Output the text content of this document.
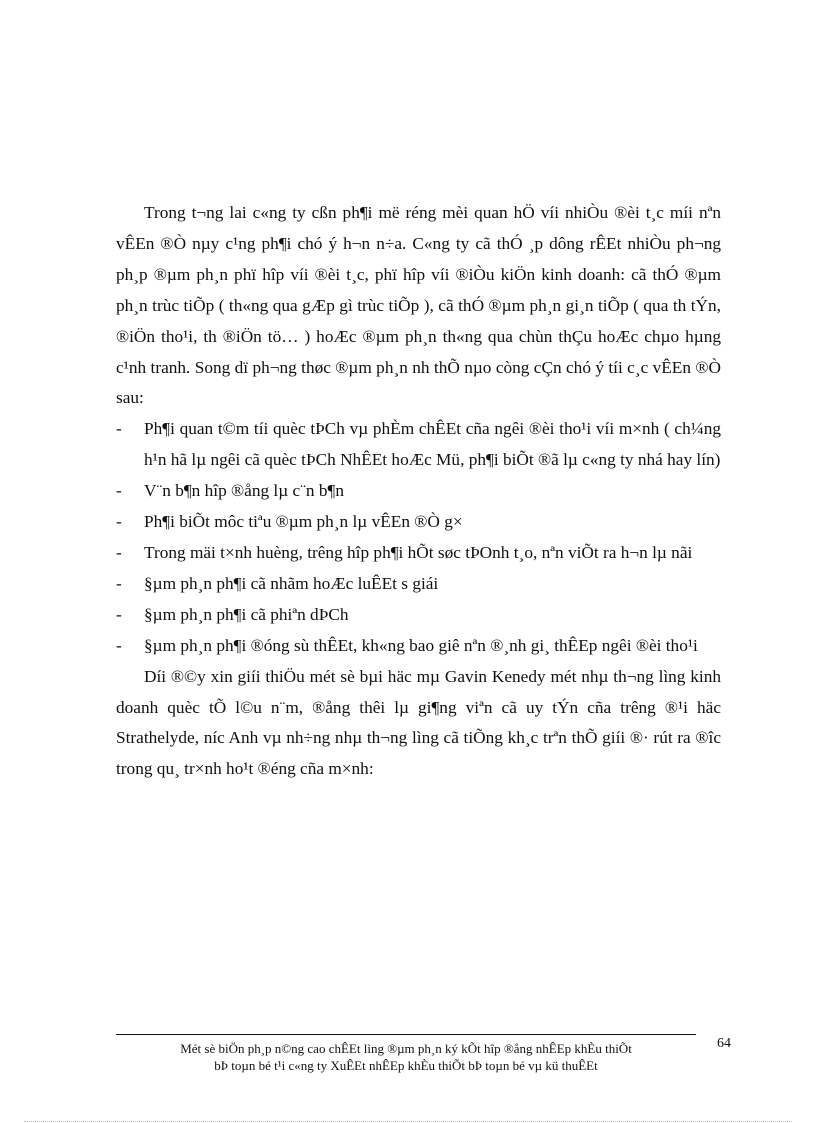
Trong t¬ng lai c«ng ty cßn ph¶i më réng mèi quan hÖ víi nhiÒu ®èi t¸c míi nªn vÊEn ®Ò nµy c¹ng ph¶i chó ý h¬n n÷a. C«ng ty cã thÓ ¸p dông rÊEt nhiÒu ph¬ng ph¸p ®µm ph¸n phï hîp víi ®èi t¸c, phï hîp víi ®iÒu kiÖn kinh doanh: cã thÓ ®µm ph¸n trùc tiÕp ( th«ng qua gÆp gì trùc tiÕp ), cã thÓ ®µm ph¸n gi¸n tiÕp ( qua th tÝn, ®iÖn tho¹i, th ®iÖn tö… ) hoÆc ®µm ph¸n th«ng qua chùn thÇu hoÆc chµo hµng c¹nh tranh. Song dï ph¬ng thøc ®µm ph¸n nh thÕ nµo còng cÇn chó ý tíi c¸c vÊEn ®Ò sau:

-	Ph¶i quan t©m tíi quèc tÞCh vµ phÈm chÊEt cña ngêi ®èi tho¹i víi m×nh ( ch¼ng h¹n hã lµ ngêi cã quèc tÞCh NhÊEt hoÆc Mü, ph¶i biÕt ®ã lµ c«ng ty nhá hay lín)
-	V¨n b¶n hîp ®ång lµ c¨n b¶n
-	Ph¶i biÕt môc tiªu ®µm ph¸n lµ vÊEn ®Ò g×

- Trong mäi t×nh huèng, trêng hîp ph¶i hÕt søc tÞOnh t¸o, nªn viÕt ra h¬n lµ nãi

-	§µm ph¸n ph¶i cã nhãm hoÆc luÊEt s giái
-	§µm ph¸n ph¶i cã phiªn dÞCh

- §µm ph¸n ph¶i ®óng sù thÊEt, kh«ng bao giê nªn ®¸nh gi¸ thÊEp ngêi ®èi tho¹i

Díi ®©y xin giíi thiÖu mét sè bµi häc mµ Gavin Kenedy mét nhµ th¬ng lìng kinh doanh quèc tÕ l©u n¨m, ®ång thêi lµ gi¶ng viªn cã uy tÝn cña trêng ®¹i häc Strathelyde, níc Anh vµ nh÷ng nhµ th¬ng lìng cã tiÕng kh¸c trªn thÕ giíi ®· rút ra ®îc trong qu¸ tr×nh ho¹t ®éng cña m×nh:

Mét sè biÖn ph¸p n©ng cao chÊEt lìng ®µm ph¸n ký kÕt hîp ®ång nhÊEp khÈu thiÕt
bÞ toµn bé t¹i c«ng ty XuÊEt nhÊEp khÈu thiÕt bÞ toµn bé vµ kü thuÊEt
64
